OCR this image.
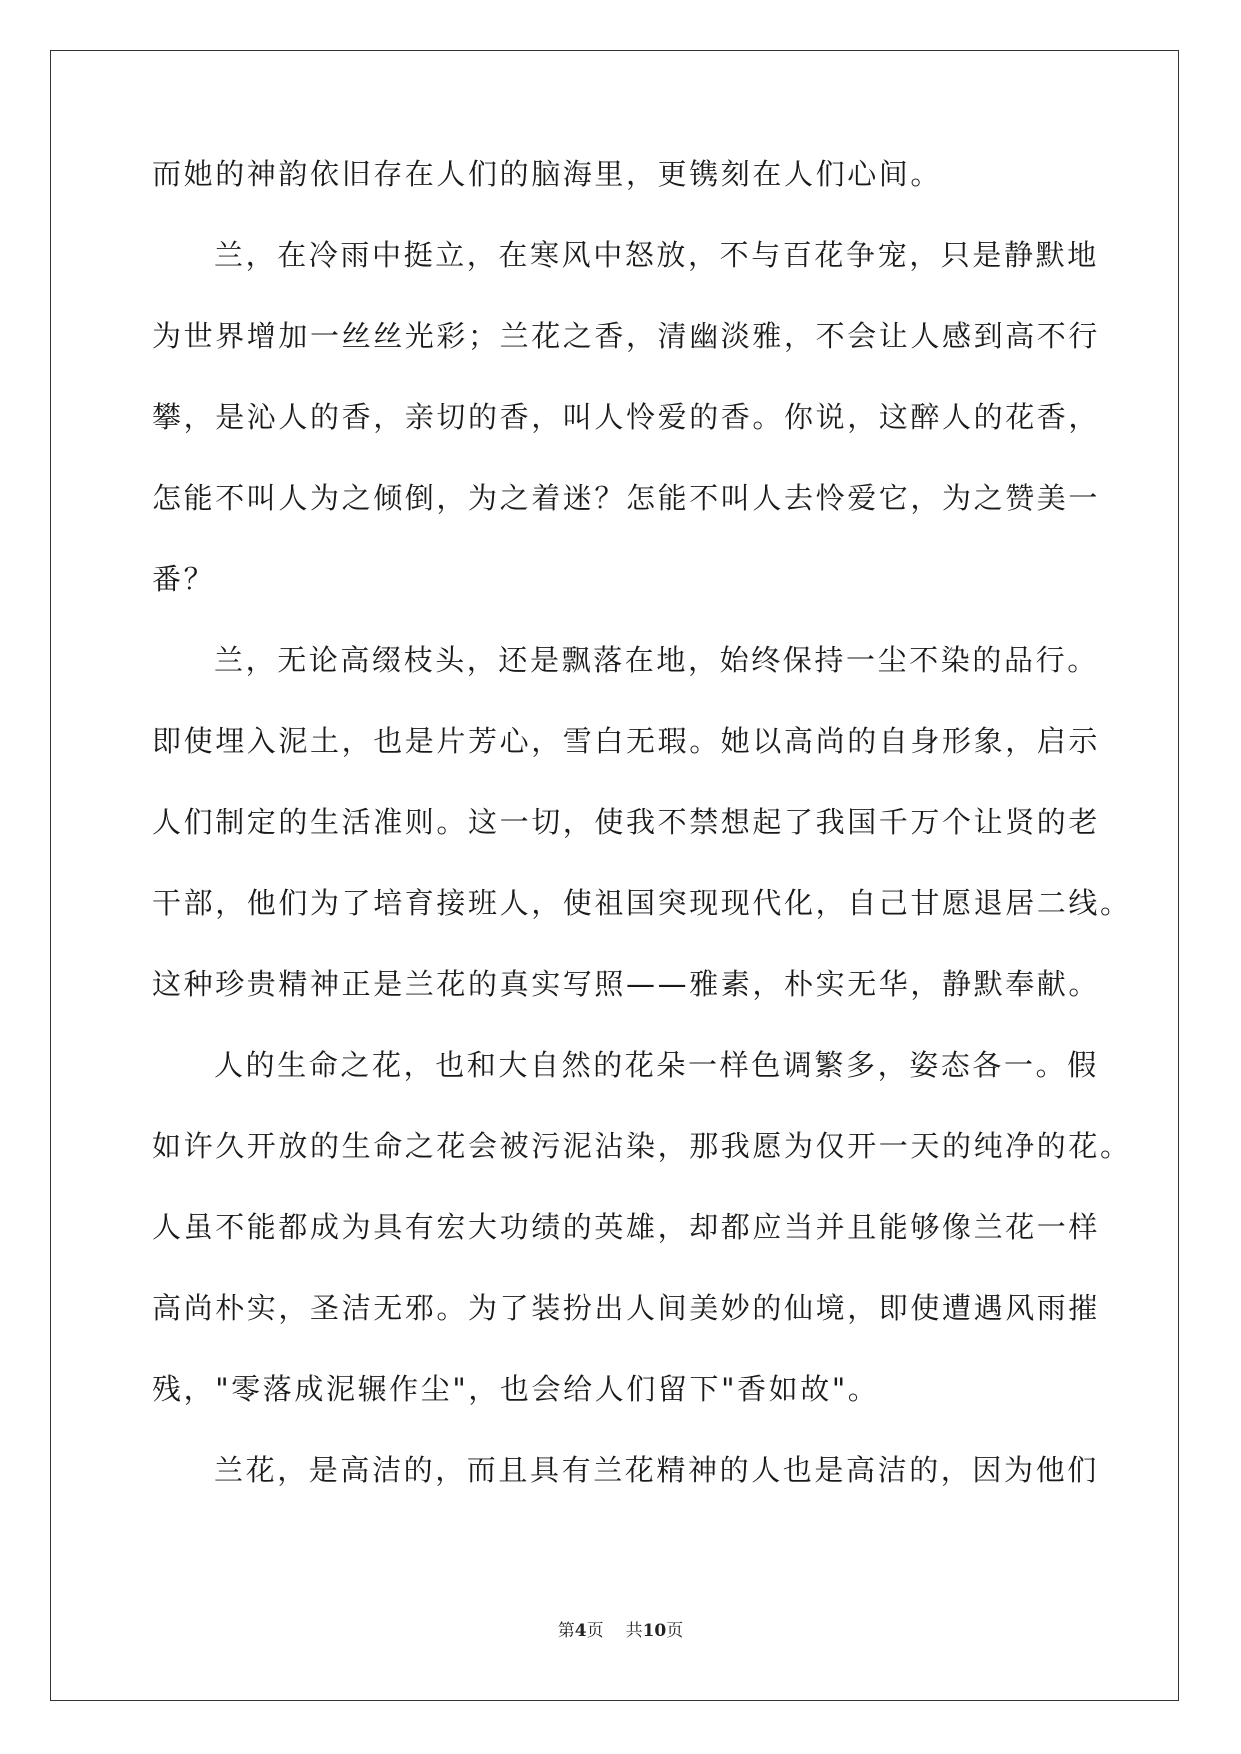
而她的神韵依旧存在人们的脑海里，更镌刻在人们心间。
兰，在冷雨中挺立，在寒风中怒放，不与百花争宠，只是静默地
为世界增加一丝丝光彩；兰花之香，清幽淡雅，不会让人感到高不行
攀，是沁人的香，亲切的香，叫人怜爱的香。你说，这醉人的花香，
怎能不叫人为之倾倒，为之着迷？怎能不叫人去怜爱它，为之赞美一
番？
兰，无论高缀枝头，还是飘落在地，始终保持一尘不染的品行。
即使埋入泥土，也是片芳心，雪白无瑕。她以高尚的自身形象，启示
人们制定的生活准则。这一切，使我不禁想起了我国千万个让贤的老
干部，他们为了培育接班人，使祖国突现现代化，自己甘愿退居二线。
这种珍贵精神正是兰花的真实写照——雅素，朴实无华，静默奉献。
人的生命之花，也和大自然的花朵一样色调繁多，姿态各一。假
如许久开放的生命之花会被污泥沾染，那我愿为仅开一天的纯净的花。
人虽不能都成为具有宏大功绩的英雄，却都应当并且能够像兰花一样
高尚朴实，圣洁无邪。为了装扮出人间美妙的仙境，即使遭遇风雨摧
残，"零落成泥辗作尘"，也会给人们留下"香如故"。
兰花，是高洁的，而且具有兰花精神的人也是高洁的，因为他们
第4页 共10页
